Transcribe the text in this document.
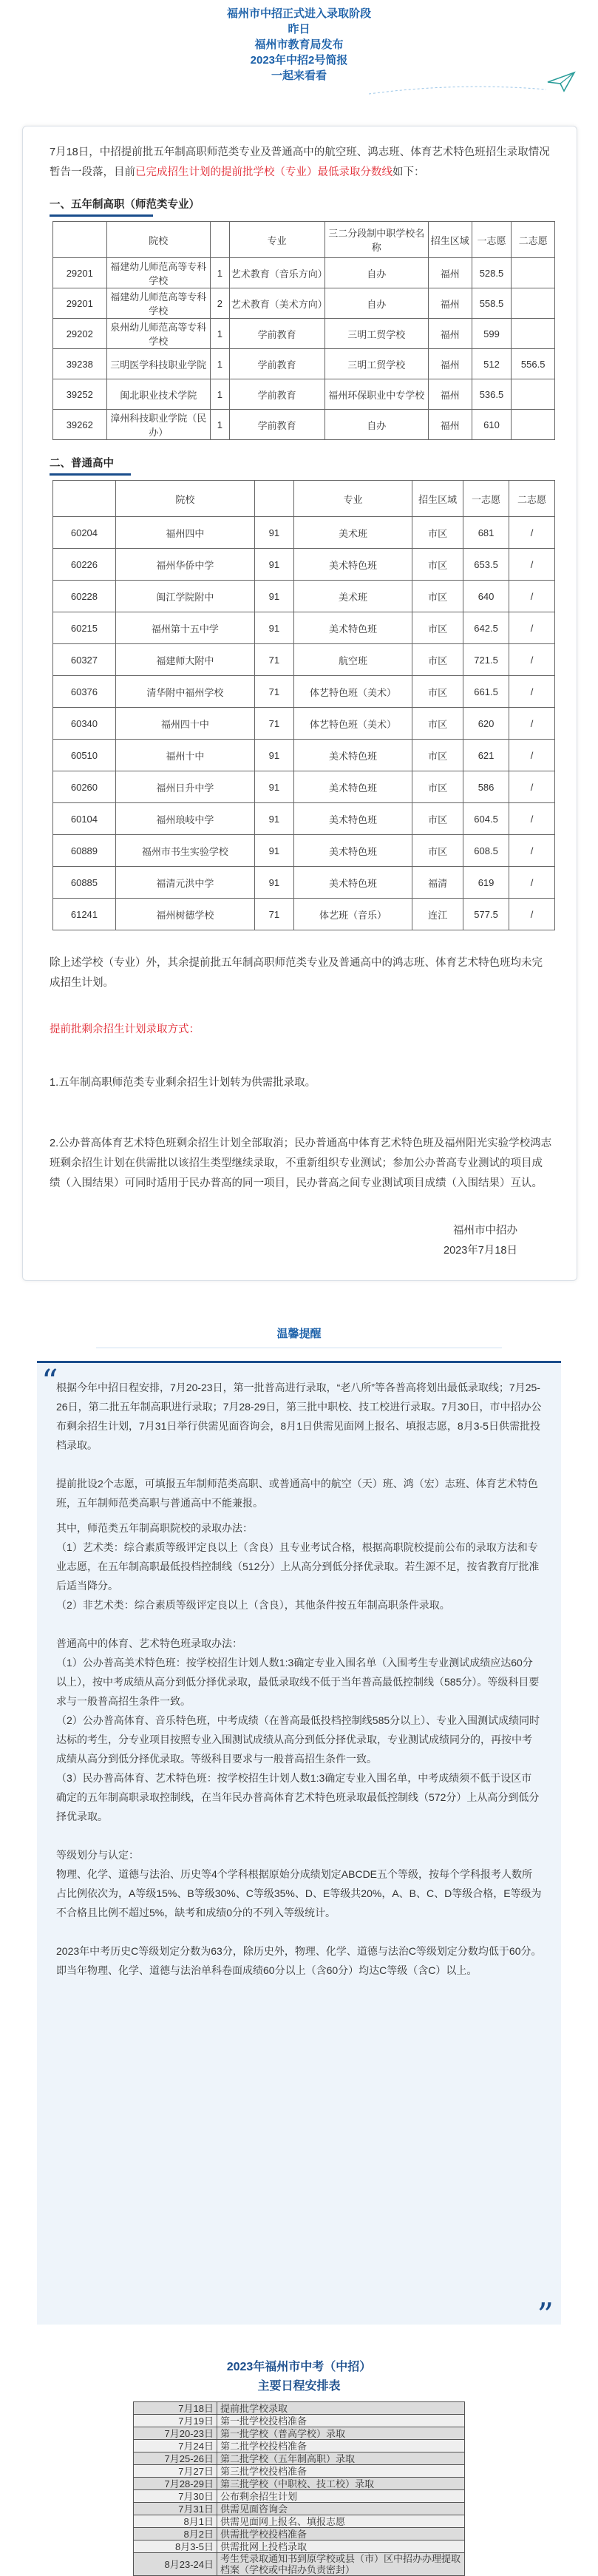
福州市中招正式进入录取阶段
昨日
福州市教育局发布
2023年中招2号简报
一起来看看
7月18日，中招提前批五年制高职师范类专业及普通高中的航空班、鸿志班、体育艺术特色班招生录取情况暂告一段落，目前已完成招生计划的提前批学校（专业）最低录取分数线如下：
一、五年制高职（师范类专业）
	院校		专业	三二分段制中职学校名称	招生区域	一志愿	二志愿
29201	福建幼儿师范高等专科学校	1	艺术教育（音乐方向）	自办	福州	528.5	
29201	福建幼儿师范高等专科学校	2	艺术教育（美术方向）	自办	福州	558.5	
29202	泉州幼儿师范高等专科学校	1	学前教育	三明工贸学校	福州	599	
39238	三明医学科技职业学院	1	学前教育	三明工贸学校	福州	512	556.5
39252	闽北职业技术学院	1	学前教育	福州环保职业中专学校	福州	536.5	
39262	漳州科技职业学院（民办）	1	学前教育	自办	福州	610	
二、普通高中
	院校		专业	招生区域	一志愿	二志愿
60204	福州四中	91	美术班	市区	681	/
60226	福州华侨中学	91	美术特色班	市区	653.5	/
60228	闽江学院附中	91	美术班	市区	640	/
60215	福州第十五中学	91	美术特色班	市区	642.5	/
60327	福建师大附中	71	航空班	市区	721.5	/
60376	清华附中福州学校	71	体艺特色班（美术）	市区	661.5	/
60340	福州四十中	71	体艺特色班（美术）	市区	620	/
60510	福州十中	91	美术特色班	市区	621	/
60260	福州日升中学	91	美术特色班	市区	586	/
60104	福州琅岐中学	91	美术特色班	市区	604.5	/
60889	福州市书生实验学校	91	美术特色班	市区	608.5	/
60885	福清元洪中学	91	美术特色班	福清	619	/
61241	福州树德学校	71	体艺班（音乐）	连江	577.5	/
除上述学校（专业）外，其余提前批五年制高职师范类专业及普通高中的鸿志班、体育艺术特色班均未完成招生计划。
提前批剩余招生计划录取方式：
1.五年制高职师范类专业剩余招生计划转为供需批录取。
2.公办普高体育艺术特色班剩余招生计划全部取消；民办普通高中体育艺术特色班及福州阳光实验学校鸿志班剩余招生计划在供需批以该招生类型继续录取，不重新组织专业测试；参加公办普高专业测试的项目成绩（入围结果）可同时适用于民办普高的同一项目，民办普高之间专业测试项目成绩（入围结果）互认。
福州市中招办
2023年7月18日
温馨提醒
“
根据今年中招日程安排，7月20-23日，第一批普高进行录取，“老八所”等各普高将划出最低录取线；7月25-26日，第二批五年制高职进行录取；7月28-29日，第三批中职校、技工校进行录取。7月30日，市中招办公布剩余招生计划，7月31日举行供需见面咨询会，8月1日供需见面网上报名、填报志愿，8月3-5日供需批投档录取。
提前批设2个志愿，可填报五年制师范类高职、或普通高中的航空（天）班、鸿（宏）志班、体育艺术特色班，五年制师范类高职与普通高中不能兼报。
其中，师范类五年制高职院校的录取办法：
（1）艺术类：综合素质等级评定良以上（含良）且专业考试合格，根据高职院校提前公布的录取方法和专业志愿，在五年制高职最低投档控制线（512分）上从高分到低分择优录取。若生源不足，按省教育厅批准后适当降分。
（2）非艺术类：综合素质等级评定良以上（含良），其他条件按五年制高职条件录取。
普通高中的体育、艺术特色班录取办法：
（1）公办普高美术特色班：按学校招生计划人数1:3确定专业入围名单（入围考生专业测试成绩应达60分以上），按中考成绩从高分到低分择优录取，最低录取线不低于当年普高最低控制线（585分）。等级科目要求与一般普高招生条件一致。
（2）公办普高体育、音乐特色班，中考成绩（在普高最低投档控制线585分以上）、专业入围测试成绩同时达标的考生，分专业项目按照专业入围测试成绩从高分到低分择优录取，专业测试成绩同分的，再按中考成绩从高分到低分择优录取。等级科目要求与一般普高招生条件一致。
（3）民办普高体育、艺术特色班：按学校招生计划人数1:3确定专业入围名单，中考成绩须不低于设区市确定的五年制高职录取控制线，在当年民办普高体育艺术特色班录取最低控制线（572分）上从高分到低分择优录取。
等级划分与认定：
物理、化学、道德与法治、历史等4个学科根据原始分成绩划定ABCDE五个等级，按每个学科报考人数所占比例依次为，A等级15%、B等级30%、C等级35%、D、E等级共20%，A、B、C、D等级合格，E等级为不合格且比例不超过5%，缺考和成绩0分的不列入等级统计。
2023年中考历史C等级划定分数为63分，除历史外，物理、化学、道德与法治C等级划定分数均低于60分。即当年物理、化学、道德与法治单科卷面成绩60分以上（含60分）均达C等级（含C）以上。
”
2023年福州市中考（中招）
主要日程安排表
7月18日	提前批学校录取
7月19日	第一批学校投档准备
7月20-23日	第一批学校（普高学校）录取
7月24日	第二批学校投档准备
7月25-26日	第二批学校（五年制高职）录取
7月27日	第三批学校投档准备
7月28-29日	第三批学校（中职校、技工校）录取
7月30日	公布剩余招生计划
7月31日	供需见面咨询会
8月1日	供需见面网上报名、填报志愿
8月2日	供需批学校投档准备
8月3-5日	供需批网上投档录取
8月23-24日	考生凭录取通知书到原学校或县（市）区中招办办理提取档案（学校或中招办负责密封）
